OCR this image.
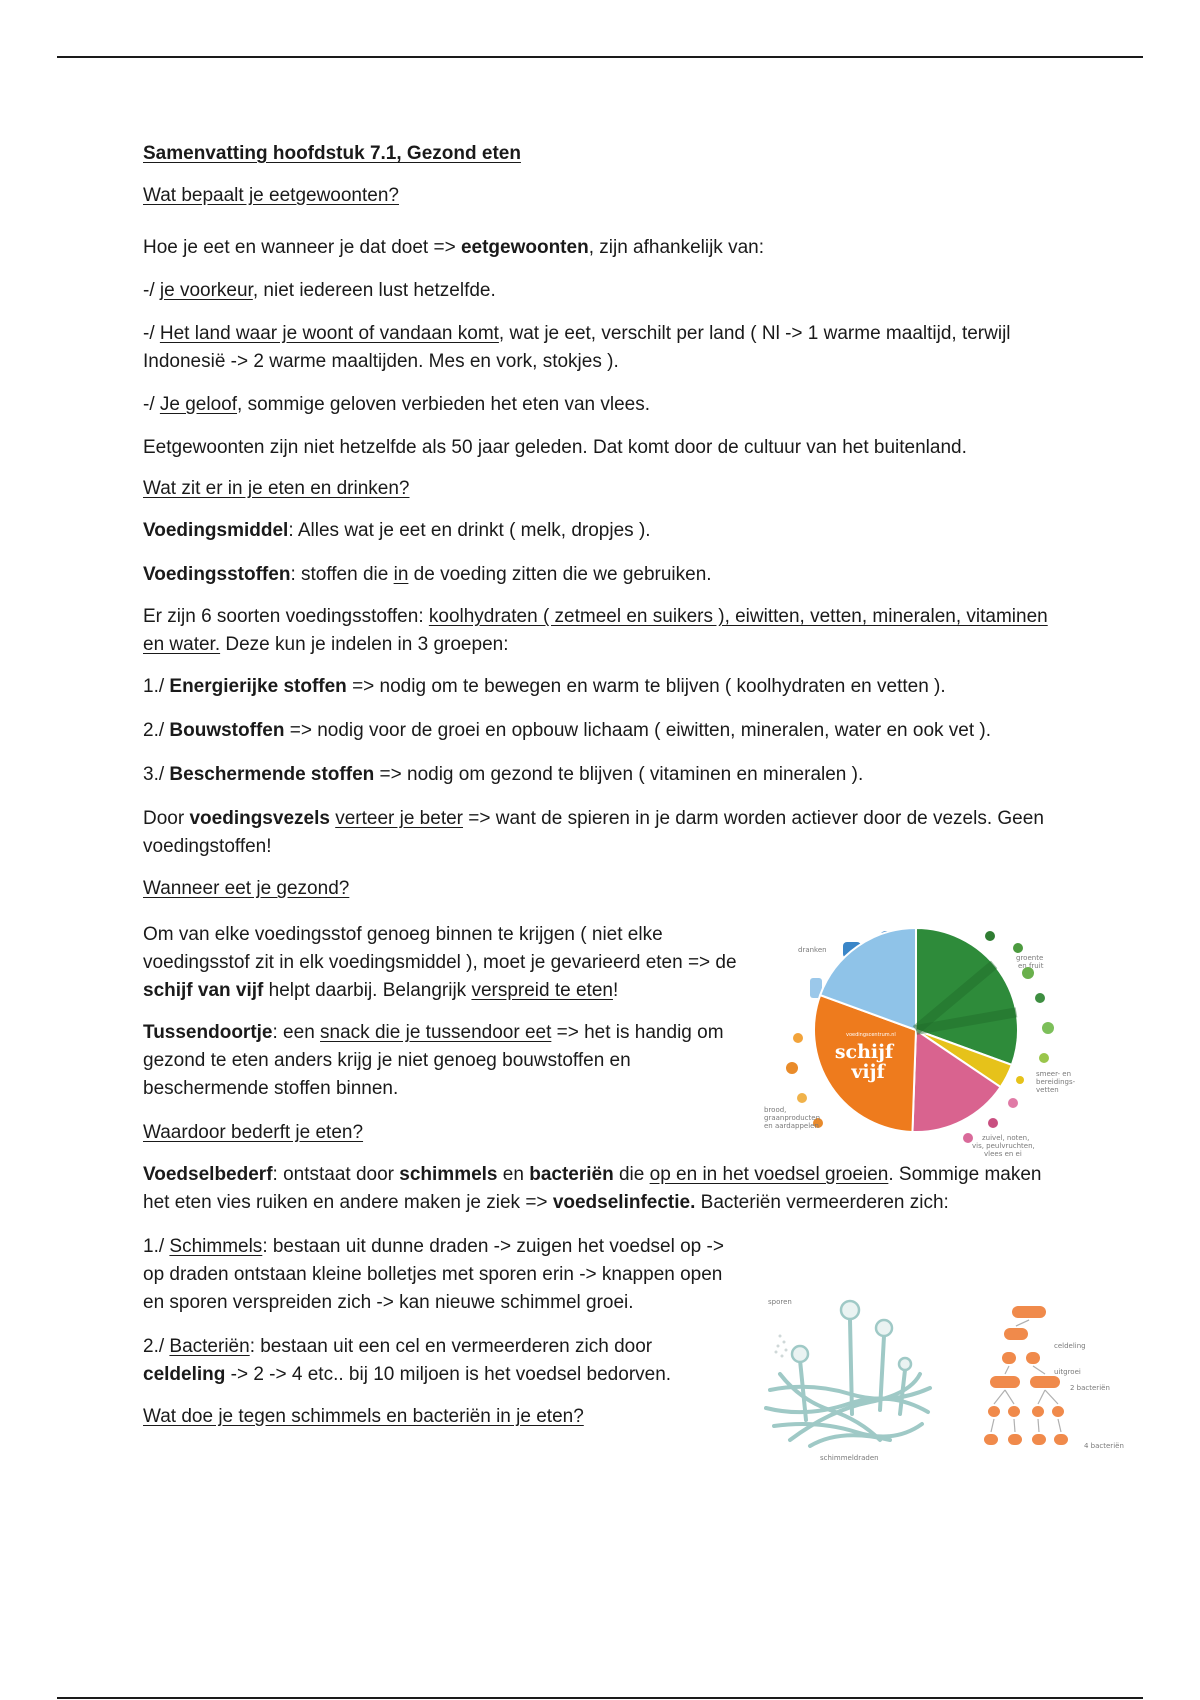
Samenvatting hoofdstuk 7.1, Gezond eten

Wat bepaalt je eetgewoonten?

Hoe je eet en wanneer je dat doet => eetgewoonten, zijn afhankelijk van:

-/ je voorkeur, niet iedereen lust hetzelfde.

-/ Het land waar je woont of vandaan komt, wat je eet, verschilt per land ( Nl -> 1 warme maaltijd, terwijl Indonesië -> 2 warme maaltijden. Mes en vork, stokjes ).

-/ Je geloof, sommige geloven verbieden het eten van vlees.

Eetgewoonten zijn niet hetzelfde als 50 jaar geleden. Dat komt door de cultuur van het buitenland.

Wat zit er in je eten en drinken?

Voedingsmiddel: Alles wat je eet en drinkt ( melk, dropjes ).

Voedingsstoffen: stoffen die in de voeding zitten die we gebruiken.

Er zijn 6 soorten voedingsstoffen: koolhydraten ( zetmeel en suikers ), eiwitten, vetten, mineralen, vitaminen en water. Deze kun je indelen in 3 groepen:

1./ Energierijke stoffen => nodig om te bewegen en warm te blijven ( koolhydraten en vetten ).

2./ Bouwstoffen => nodig voor de groei en opbouw lichaam ( eiwitten, mineralen, water en ook vet ).

3./ Beschermende stoffen => nodig om gezond te blijven ( vitaminen en mineralen ).

Door voedingsvezels verteer je beter => want de spieren in je darm worden actiever door de vezels. Geen voedingstoffen!

Wanneer eet je gezond?

Om van elke voedingsstof genoeg binnen te krijgen ( niet elke voedingsstof zit in elk voedingsmiddel ), moet je gevarieerd eten => de schijf van vijf helpt daarbij. Belangrijk verspreid te eten!

Tussendoortje: een snack die je tussendoor eet => het is handig om gezond te eten anders krijg je niet genoeg bouwstoffen en beschermende stoffen binnen.

Waardoor bederft je eten?

Voedselbederf: ontstaat door schimmels en bacteriën die op en in het voedsel groeien. Sommige maken het eten vies ruiken en andere maken je ziek => voedselinfectie. Bacteriën vermeerderen zich:

1./ Schimmels: bestaan uit dunne draden -> zuigen het voedsel op -> op draden ontstaan kleine bolletjes met sporen erin -> knappen open en sporen verspreiden zich -> kan nieuwe schimmel groei.

2./ Bacteriën: bestaan uit een cel en vermeerderen zich door celdeling -> 2 -> 4 etc.. bij 10 miljoen is het voedsel bedorven.

Wat doe je tegen schimmels en bacteriën in je eten?

voedingscentrum.nl
schijf
vijf
dranken
groente
en fruit
smeer- en
bereidings-
vetten
zuivel, noten,
vis, peulvruchten,
vlees en ei
brood,
graanproducten
en aardappelen
sporen
schimmeldraden
celdeling
uitgroei
2 bacteriën
4 bacteriën
